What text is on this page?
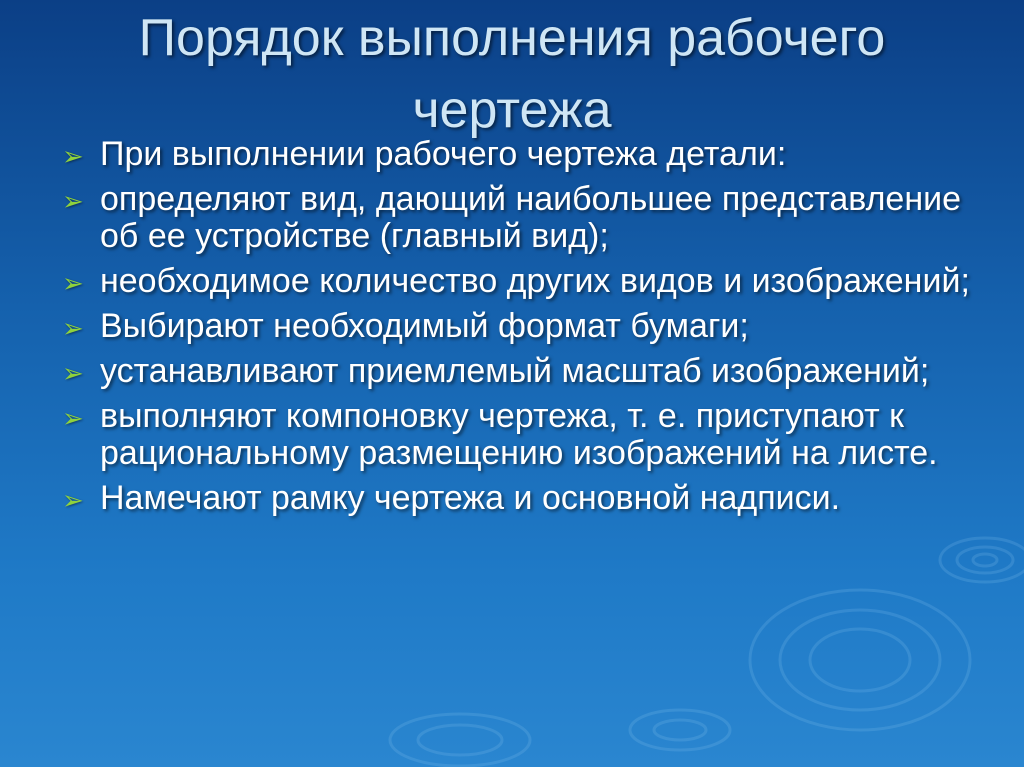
Порядок выполнения рабочего
чертежа
➢ При выполнении рабочего чертежа детали:
➢ определяют вид, дающий наибольшее представление об ее устройстве (главный вид);
➢ необходимое количество других видов и изображений;
➢ Выбирают необходимый формат бумаги;
➢ устанавливают приемлемый масштаб изображений;
➢ выполняют компоновку чертежа, т. е. приступают к рациональному размещению изображений на листе.
➢ Намечают рамку чертежа и основной надписи.
